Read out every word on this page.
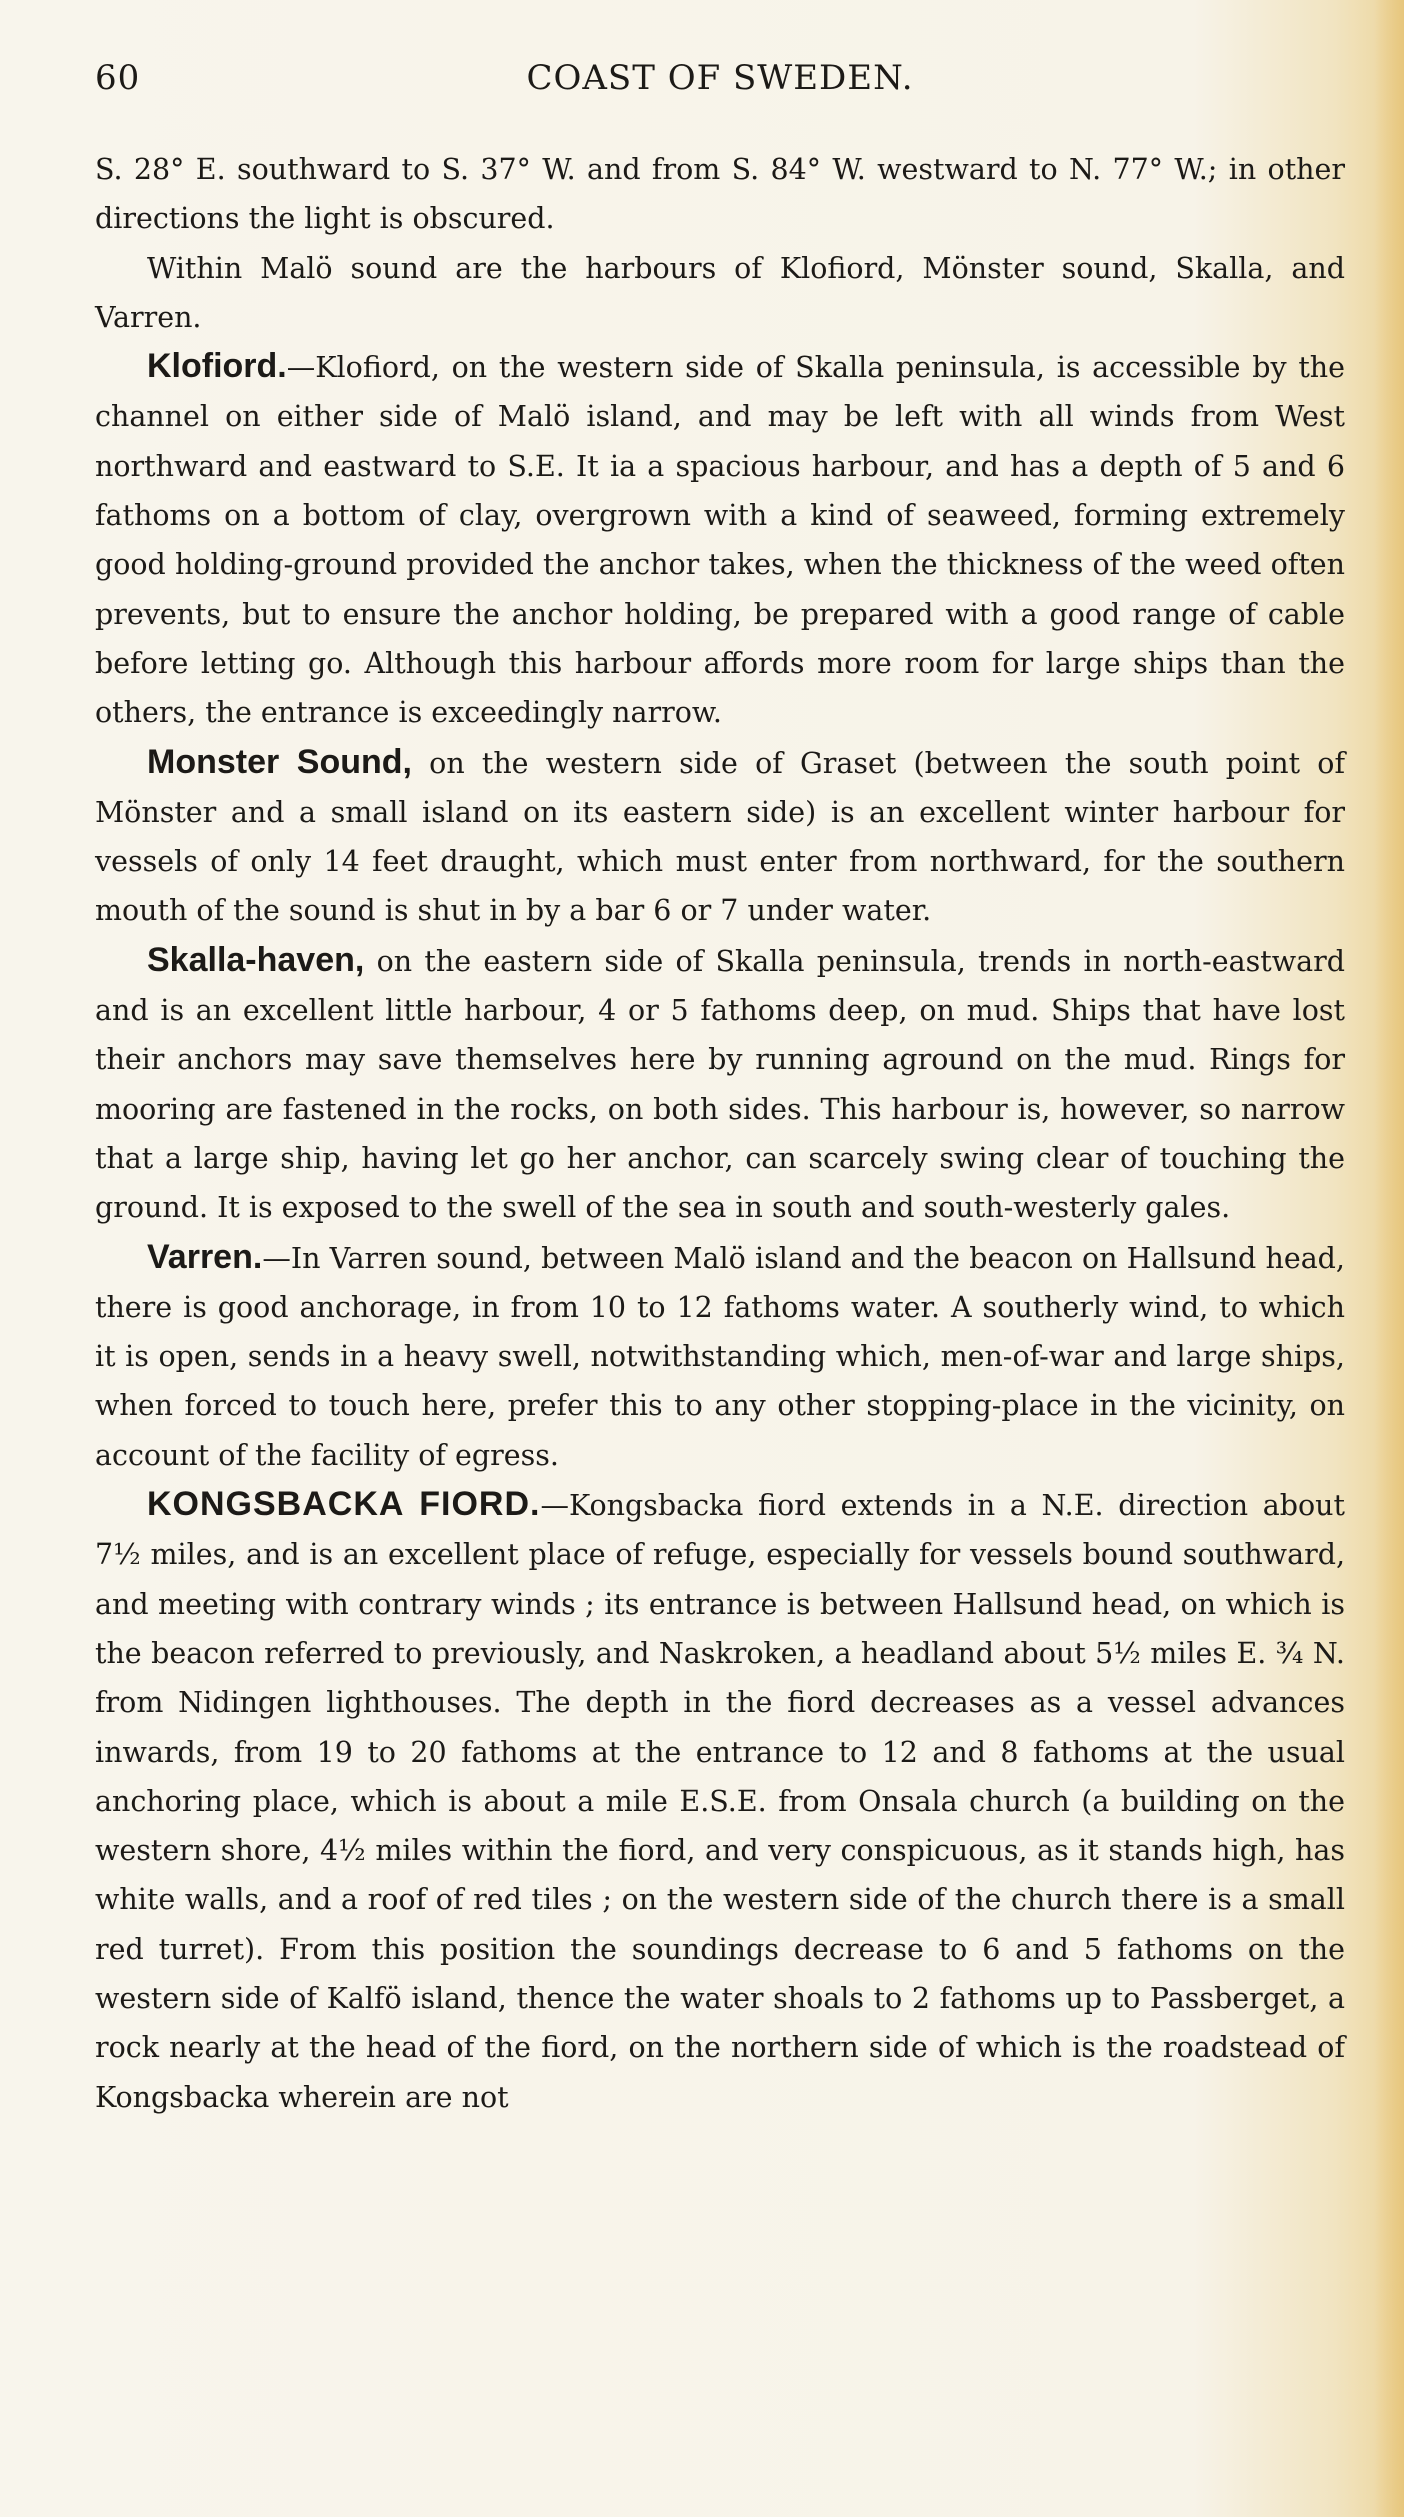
60	COAST OF SWEDEN.

S. 28° E. southward to S. 37° W. and from S. 84° W. westward to N. 77° W.; in other directions the light is obscured.

Within Malö sound are the harbours of Klofiord, Mönster sound, Skalla, and Varren.

Klofiord.—Klofiord, on the western side of Skalla peninsula, is accessible by the channel on either side of Malö island, and may be left with all winds from West northward and eastward to S.E. It ia a spacious harbour, and has a depth of 5 and 6 fathoms on a bottom of clay, overgrown with a kind of seaweed, forming extremely good holding-ground provided the anchor takes, when the thickness of the weed often prevents, but to ensure the anchor holding, be prepared with a good range of cable before letting go. Although this harbour affords more room for large ships than the others, the entrance is exceedingly narrow.

Monster Sound, on the western side of Graset (between the south point of Mönster and a small island on its eastern side) is an excellent winter harbour for vessels of only 14 feet draught, which must enter from northward, for the southern mouth of the sound is shut in by a bar 6 or 7 under water.

Skalla-haven, on the eastern side of Skalla peninsula, trends in north-eastward and is an excellent little harbour, 4 or 5 fathoms deep, on mud. Ships that have lost their anchors may save themselves here by running aground on the mud. Rings for mooring are fastened in the rocks, on both sides. This harbour is, however, so narrow that a large ship, having let go her anchor, can scarcely swing clear of touching the ground. It is exposed to the swell of the sea in south and south-westerly gales.

Varren.—In Varren sound, between Malö island and the beacon on Hallsund head, there is good anchorage, in from 10 to 12 fathoms water. A southerly wind, to which it is open, sends in a heavy swell, notwithstanding which, men-of-war and large ships, when forced to touch here, prefer this to any other stopping-place in the vicinity, on account of the facility of egress.

KONGSBACKA FIORD.—Kongsbacka fiord extends in a N.E. direction about 7½ miles, and is an excellent place of refuge, especially for vessels bound southward, and meeting with contrary winds ; its entrance is between Hallsund head, on which is the beacon referred to previously, and Naskroken, a headland about 5½ miles E. ¾ N. from Nidingen lighthouses. The depth in the fiord decreases as a vessel advances inwards, from 19 to 20 fathoms at the entrance to 12 and 8 fathoms at the usual anchoring place, which is about a mile E.S.E. from Onsala church (a building on the western shore, 4½ miles within the fiord, and very conspicuous, as it stands high, has white walls, and a roof of red tiles ; on the western side of the church there is a small red turret). From this position the soundings decrease to 6 and 5 fathoms on the western side of Kalfö island, thence the water shoals to 2 fathoms up to Passberget, a rock nearly at the head of the fiord, on the northern side of which is the roadstead of Kongsbacka wherein are not
